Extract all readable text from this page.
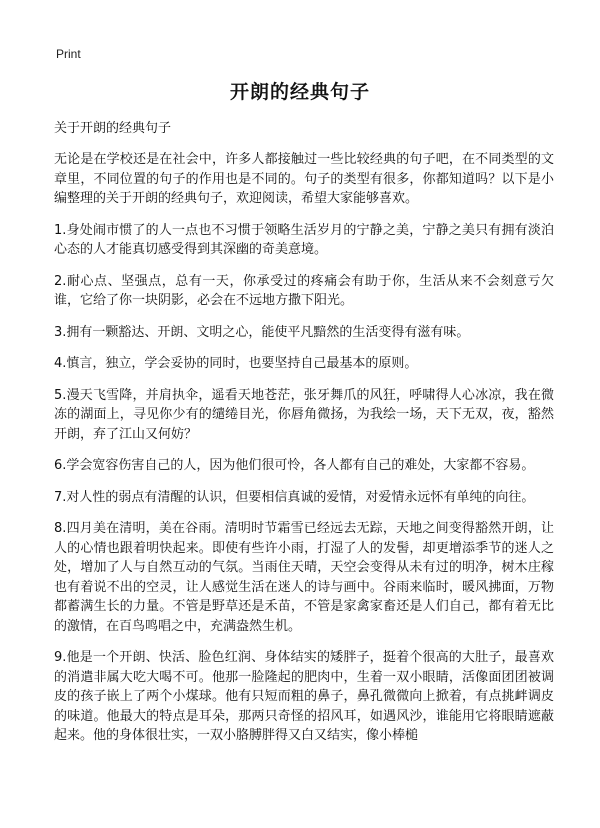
Print
开朗的经典句子

关于开朗的经典句子

无论是在学校还是在社会中，许多人都接触过一些比较经典的句子吧，在不同类型的文章里，不同位置的句子的作用也是不同的。句子的类型有很多，你都知道吗？以下是小编整理的关于开朗的经典句子，欢迎阅读，希望大家能够喜欢。

1.身处闹市惯了的人一点也不习惯于领略生活岁月的宁静之美，宁静之美只有拥有淡泊心态的人才能真切感受得到其深幽的奇美意境。

2.耐心点、坚强点，总有一天，你承受过的疼痛会有助于你，生活从来不会刻意亏欠谁，它给了你一块阴影，必会在不远地方撒下阳光。

3.拥有一颗豁达、开朗、文明之心，能使平凡黯然的生活变得有滋有味。

4.慎言，独立，学会妥协的同时，也要坚持自己最基本的原则。

5.漫天飞雪降，并肩执伞，遥看天地苍茫，张牙舞爪的风狂，呼啸得人心冰凉，我在微冻的湖面上，寻见你少有的缱绻目光，你唇角微扬，为我绘一场，天下无双，夜，豁然开朗，弃了江山又何妨？

6.学会宽容伤害自己的人，因为他们很可怜，各人都有自己的难处，大家都不容易。

7.对人性的弱点有清醒的认识，但要相信真诚的爱情，对爱情永远怀有单纯的向往。

8.四月美在清明，美在谷雨。清明时节霜雪已经远去无踪，天地之间变得豁然开朗，让人的心情也跟着明快起来。即使有些许小雨，打湿了人的发髻，却更增添季节的迷人之处，增加了人与自然互动的气氛。当雨住天晴，天空会变得从未有过的明净，树木庄稼也有着说不出的空灵，让人感觉生活在迷人的诗与画中。谷雨来临时，暖风拂面，万物都蓄满生长的力量。不管是野草还是禾苗，不管是家禽家畜还是人们自己，都有着无比的激情，在百鸟鸣唱之中，充满盎然生机。

9.他是一个开朗、快活、脸色红润、身体结实的矮胖子，挺着个很高的大肚子，最喜欢的消遣非属大吃大喝不可。他那一脸隆起的肥肉中，生着一双小眼睛，活像面团团被调皮的孩子嵌上了两个小煤球。他有只短而粗的鼻子，鼻孔微微向上掀着，有点挑衅调皮的味道。他最大的特点是耳朵，那两只奇怪的招风耳，如遇风沙，谁能用它将眼睛遮蔽起来。他的身体很壮实，一双小胳膊胖得又白又结实，像小棒槌
